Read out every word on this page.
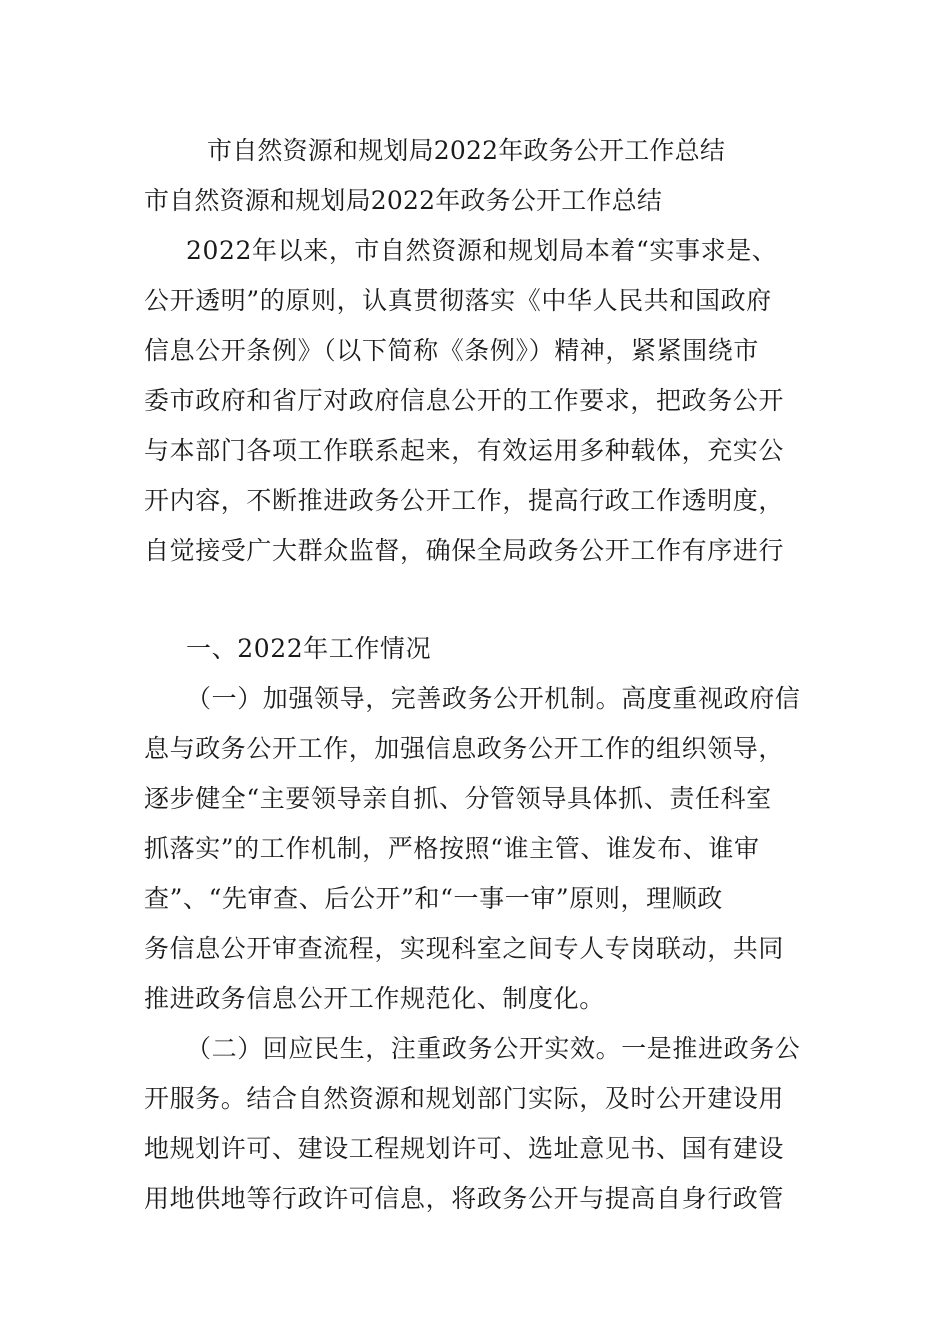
市自然资源和规划局2022年政务公开工作总结
市自然资源和规划局2022年政务公开工作总结
2022年以来，市自然资源和规划局本着“实事求是、
公开透明”的原则，认真贯彻落实《中华人民共和国政府
信息公开条例》（以下简称《条例》）精神，紧紧围绕市
委市政府和省厅对政府信息公开的工作要求，把政务公开
与本部门各项工作联系起来，有效运用多种载体，充实公
开内容，不断推进政务公开工作，提高行政工作透明度，
自觉接受广大群众监督，确保全局政务公开工作有序进行
一、2022年工作情况
（一）加强领导，完善政务公开机制。高度重视政府信
息与政务公开工作，加强信息政务公开工作的组织领导，
逐步健全“主要领导亲自抓、分管领导具体抓、责任科室
抓落实”的工作机制，严格按照“谁主管、谁发布、谁审
查”、“先审查、后公开”和“一事一审”原则，理顺政
务信息公开审查流程，实现科室之间专人专岗联动，共同
推进政务信息公开工作规范化、制度化。
（二）回应民生，注重政务公开实效。一是推进政务公
开服务。结合自然资源和规划部门实际，及时公开建设用
地规划许可、建设工程规划许可、选址意见书、国有建设
用地供地等行政许可信息，将政务公开与提高自身行政管
